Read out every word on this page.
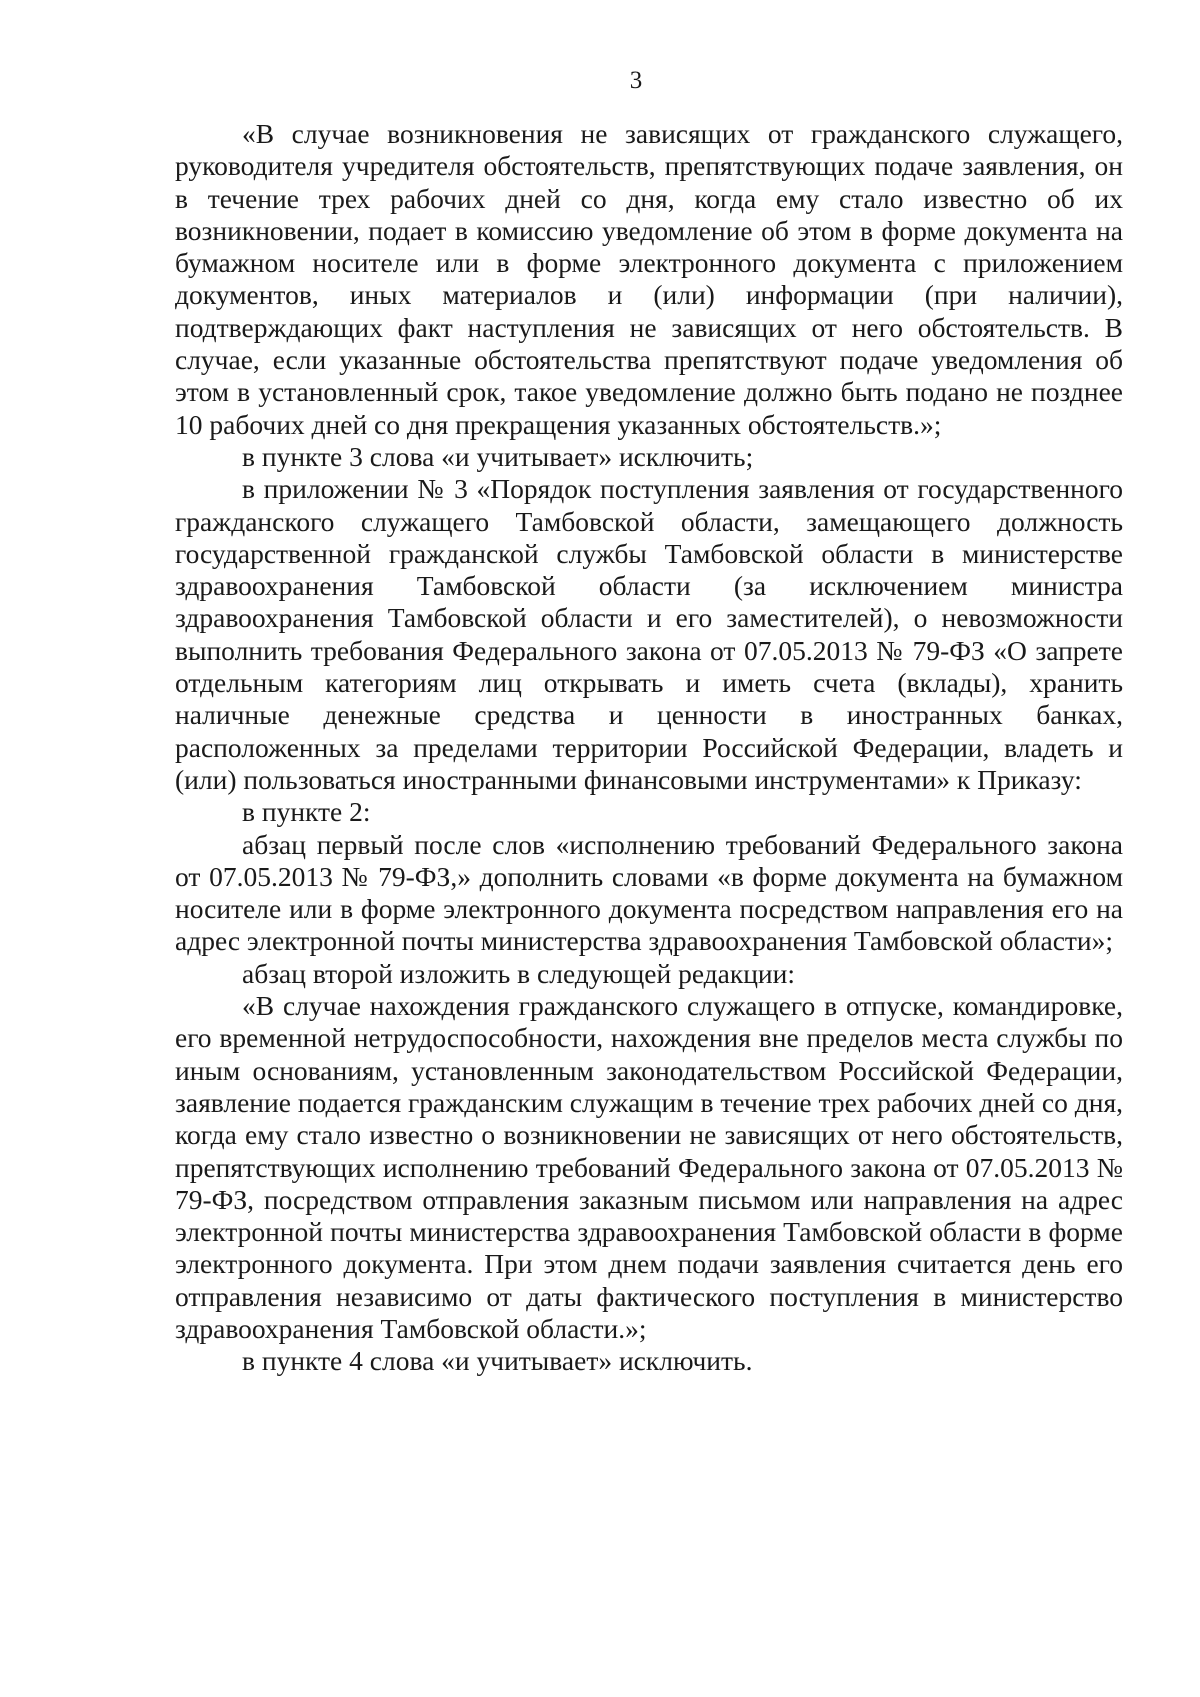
3

«В случае возникновения не зависящих от гражданского служащего, руководителя учредителя обстоятельств, препятствующих подаче заявления, он в течение трех рабочих дней со дня, когда ему стало известно об их возникновении, подает в комиссию уведомление об этом в форме документа на бумажном носителе или в форме электронного документа с приложением документов, иных материалов и (или) информации (при наличии), подтверждающих факт наступления не зависящих от него обстоятельств. В случае, если указанные обстоятельства препятствуют подаче уведомления об этом в установленный срок, такое уведомление должно быть подано не позднее 10 рабочих дней со дня прекращения указанных обстоятельств.»;

в пункте 3 слова «и учитывает» исключить;

в приложении № 3 «Порядок поступления заявления от государственного гражданского служащего Тамбовской области, замещающего должность государственной гражданской службы Тамбовской области в министерстве здравоохранения Тамбовской области (за исключением министра здравоохранения Тамбовской области и его заместителей), о невозможности выполнить требования Федерального закона от 07.05.2013 № 79-ФЗ «О запрете отдельным категориям лиц открывать и иметь счета (вклады), хранить наличные денежные средства и ценности в иностранных банках, расположенных за пределами территории Российской Федерации, владеть и (или) пользоваться иностранными финансовыми инструментами» к Приказу:

в пункте 2:

абзац первый после слов «исполнению требований Федерального закона от 07.05.2013 № 79-ФЗ,» дополнить словами «в форме документа на бумажном носителе или в форме электронного документа посредством направления его на адрес электронной почты министерства здравоохранения Тамбовской области»;

абзац второй изложить в следующей редакции:

«В случае нахождения гражданского служащего в отпуске, командировке, его временной нетрудоспособности, нахождения вне пределов места службы по иным основаниям, установленным законодательством Российской Федерации, заявление подается гражданским служащим в течение трех рабочих дней со дня, когда ему стало известно о возникновении не зависящих от него обстоятельств, препятствующих исполнению требований Федерального закона от 07.05.2013 № 79-ФЗ, посредством отправления заказным письмом или направления на адрес электронной почты министерства здравоохранения Тамбовской области в форме электронного документа. При этом днем подачи заявления считается день его отправления независимо от даты фактического поступления в министерство здравоохранения Тамбовской области.»;

в пункте 4 слова «и учитывает» исключить.
